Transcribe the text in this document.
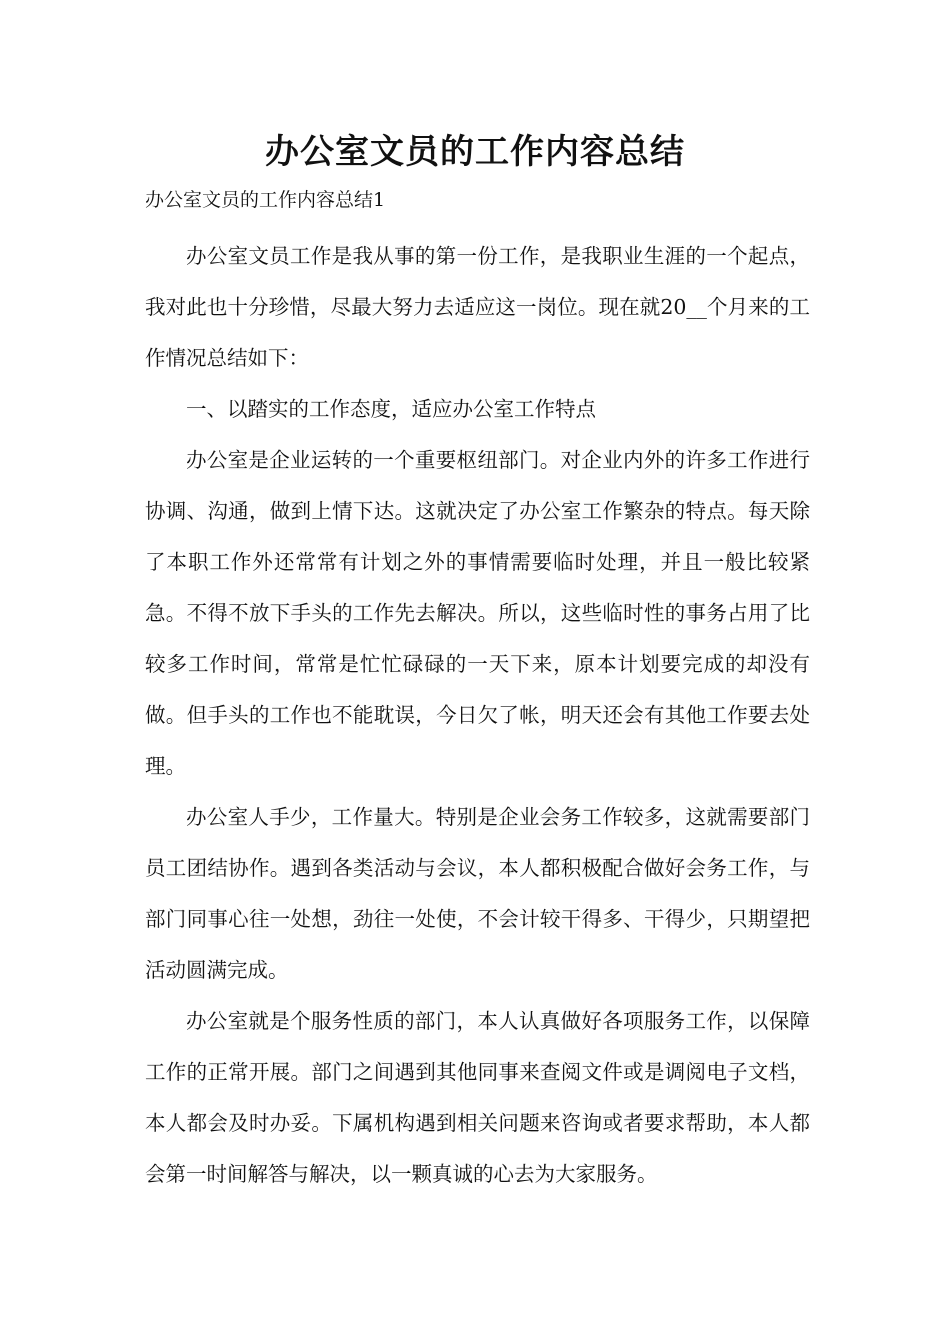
办公室文员的工作内容总结

办公室文员的工作内容总结1

办公室文员工作是我从事的第一份工作，是我职业生涯的一个起点，我对此也十分珍惜，尽最大努力去适应这一岗位。现在就20__个月来的工作情况总结如下：

一、以踏实的工作态度，适应办公室工作特点

办公室是企业运转的一个重要枢纽部门。对企业内外的许多工作进行协调、沟通，做到上情下达。这就决定了办公室工作繁杂的特点。每天除了本职工作外还常常有计划之外的事情需要临时处理，并且一般比较紧急。不得不放下手头的工作先去解决。所以，这些临时性的事务占用了比较多工作时间，常常是忙忙碌碌的一天下来，原本计划要完成的却没有做。但手头的工作也不能耽误，今日欠了帐，明天还会有其他工作要去处理。

办公室人手少，工作量大。特别是企业会务工作较多，这就需要部门员工团结协作。遇到各类活动与会议，本人都积极配合做好会务工作，与部门同事心往一处想，劲往一处使，不会计较干得多、干得少，只期望把活动圆满完成。

办公室就是个服务性质的部门，本人认真做好各项服务工作，以保障工作的正常开展。部门之间遇到其他同事来查阅文件或是调阅电子文档，本人都会及时办妥。下属机构遇到相关问题来咨询或者要求帮助，本人都会第一时间解答与解决，以一颗真诚的心去为大家服务。
